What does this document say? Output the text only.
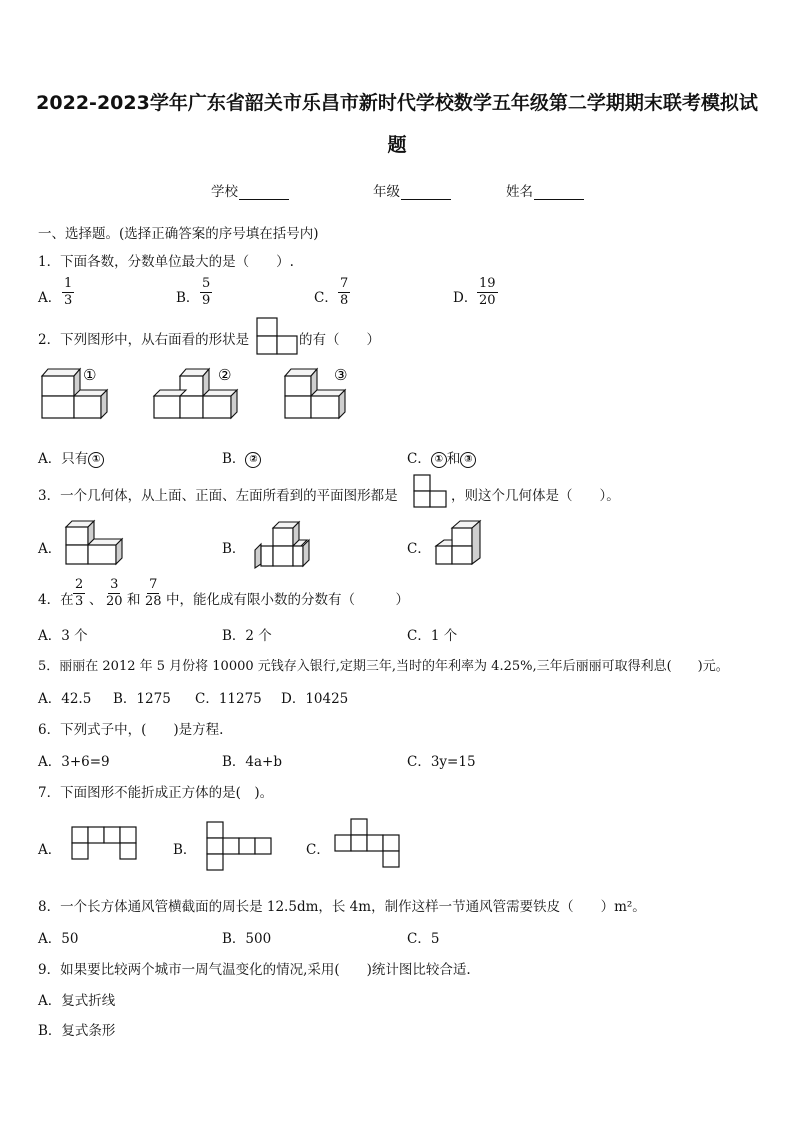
2022-2023学年广东省韶关市乐昌市新时代学校数学五年级第二学期期末联考模拟试
题
学校	年级	姓名
一、选择题。(选择正确答案的序号填在括号内)
1．下面各数，分数单位最大的是（　　）.
A． $\frac{1}{3}$	B． $\frac{5}{9}$	C． $\frac{7}{8}$	D． $\frac{19}{20}$
2．下列图形中，从右面看的形状是	的有（　　）
①	②	③
A．只有 ①	B． ②	C． ① 和 ③
3．一个几何体，从上面、正面、左面所看到的平面图形都是	，则这个几何体是（　　）。
A．	B．	C．
4．在 $\frac{2}{3}$ 、 $\frac{3}{20}$ 和 $\frac{7}{28}$ 中，能化成有限小数的分数有（　　　）
A．3 个	B．2 个	C．1 个
5．丽丽在 2012 年 5 月份将 10000 元钱存入银行,定期三年,当时的年利率为 4.25%,三年后丽丽可取得利息(　　)元。
A．42.5 B．1275 C．11275 D．10425
6．下列式子中，(　　)是方程.
A．3+6=9	B．4a+b	C．3y=15
7．下面图形不能折成正方体的是(　)。
A．	B．	C．
8．一个长方体通风管横截面的周长是 12.5dm，长 4m，制作这样一节通风管需要铁皮（　　）m²。
A．50	B．500	C．5
9．如果要比较两个城市一周气温变化的情况,采用(　　)统计图比较合适.
A．复式折线
B．复式条形
